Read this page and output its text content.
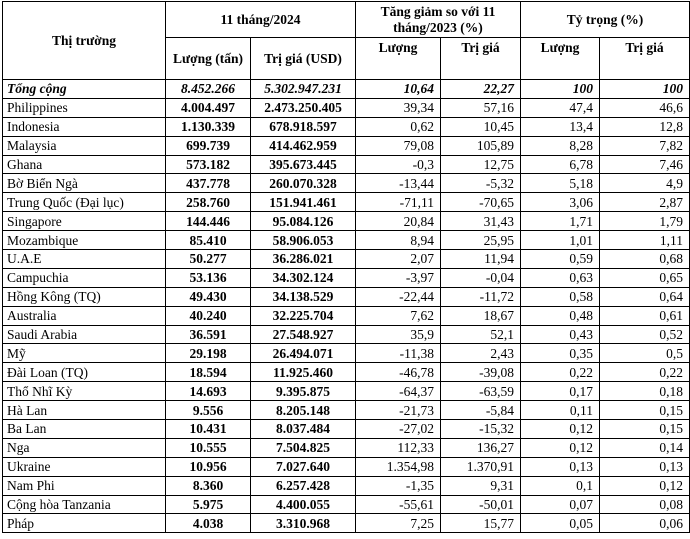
Thị trường	11 tháng/2024		Tăng giảm so với 11 tháng/2023 (%)		Tỷ trọng (%)	
	Lượng (tấn)	Trị giá (USD)	Lượng	Trị giá	Lượng	Trị giá
Tổng cộng	8.452.266	5.302.947.231	10,64	22,27	100	100
Philippines	4.004.497	2.473.250.405	39,34	57,16	47,4	46,6
Indonesia	1.130.339	678.918.597	0,62	10,45	13,4	12,8
Malaysia	699.739	414.462.959	79,08	105,89	8,28	7,82
Ghana	573.182	395.673.445	-0,3	12,75	6,78	7,46
Bờ Biển Ngà	437.778	260.070.328	-13,44	-5,32	5,18	4,9
Trung Quốc (Đại lục)	258.760	151.941.461	-71,11	-70,65	3,06	2,87
Singapore	144.446	95.084.126	20,84	31,43	1,71	1,79
Mozambique	85.410	58.906.053	8,94	25,95	1,01	1,11
U.A.E	50.277	36.286.021	2,07	11,94	0,59	0,68
Campuchia	53.136	34.302.124	-3,97	-0,04	0,63	0,65
Hồng Kông (TQ)	49.430	34.138.529	-22,44	-11,72	0,58	0,64
Australia	40.240	32.225.704	7,62	18,67	0,48	0,61
Saudi Arabia	36.591	27.548.927	35,9	52,1	0,43	0,52
Mỹ	29.198	26.494.071	-11,38	2,43	0,35	0,5
Đài Loan (TQ)	18.594	11.925.460	-46,78	-39,08	0,22	0,22
Thổ Nhĩ Kỳ	14.693	9.395.875	-64,37	-63,59	0,17	0,18
Hà Lan	9.556	8.205.148	-21,73	-5,84	0,11	0,15
Ba Lan	10.431	8.037.484	-27,02	-15,32	0,12	0,15
Nga	10.555	7.504.825	112,33	136,27	0,12	0,14
Ukraine	10.956	7.027.640	1.354,98	1.370,91	0,13	0,13
Nam Phi	8.360	6.257.428	-1,35	9,31	0,1	0,12
Cộng hòa Tanzania	5.975	4.400.055	-55,61	-50,01	0,07	0,08
Pháp	4.038	3.310.968	7,25	15,77	0,05	0,06
